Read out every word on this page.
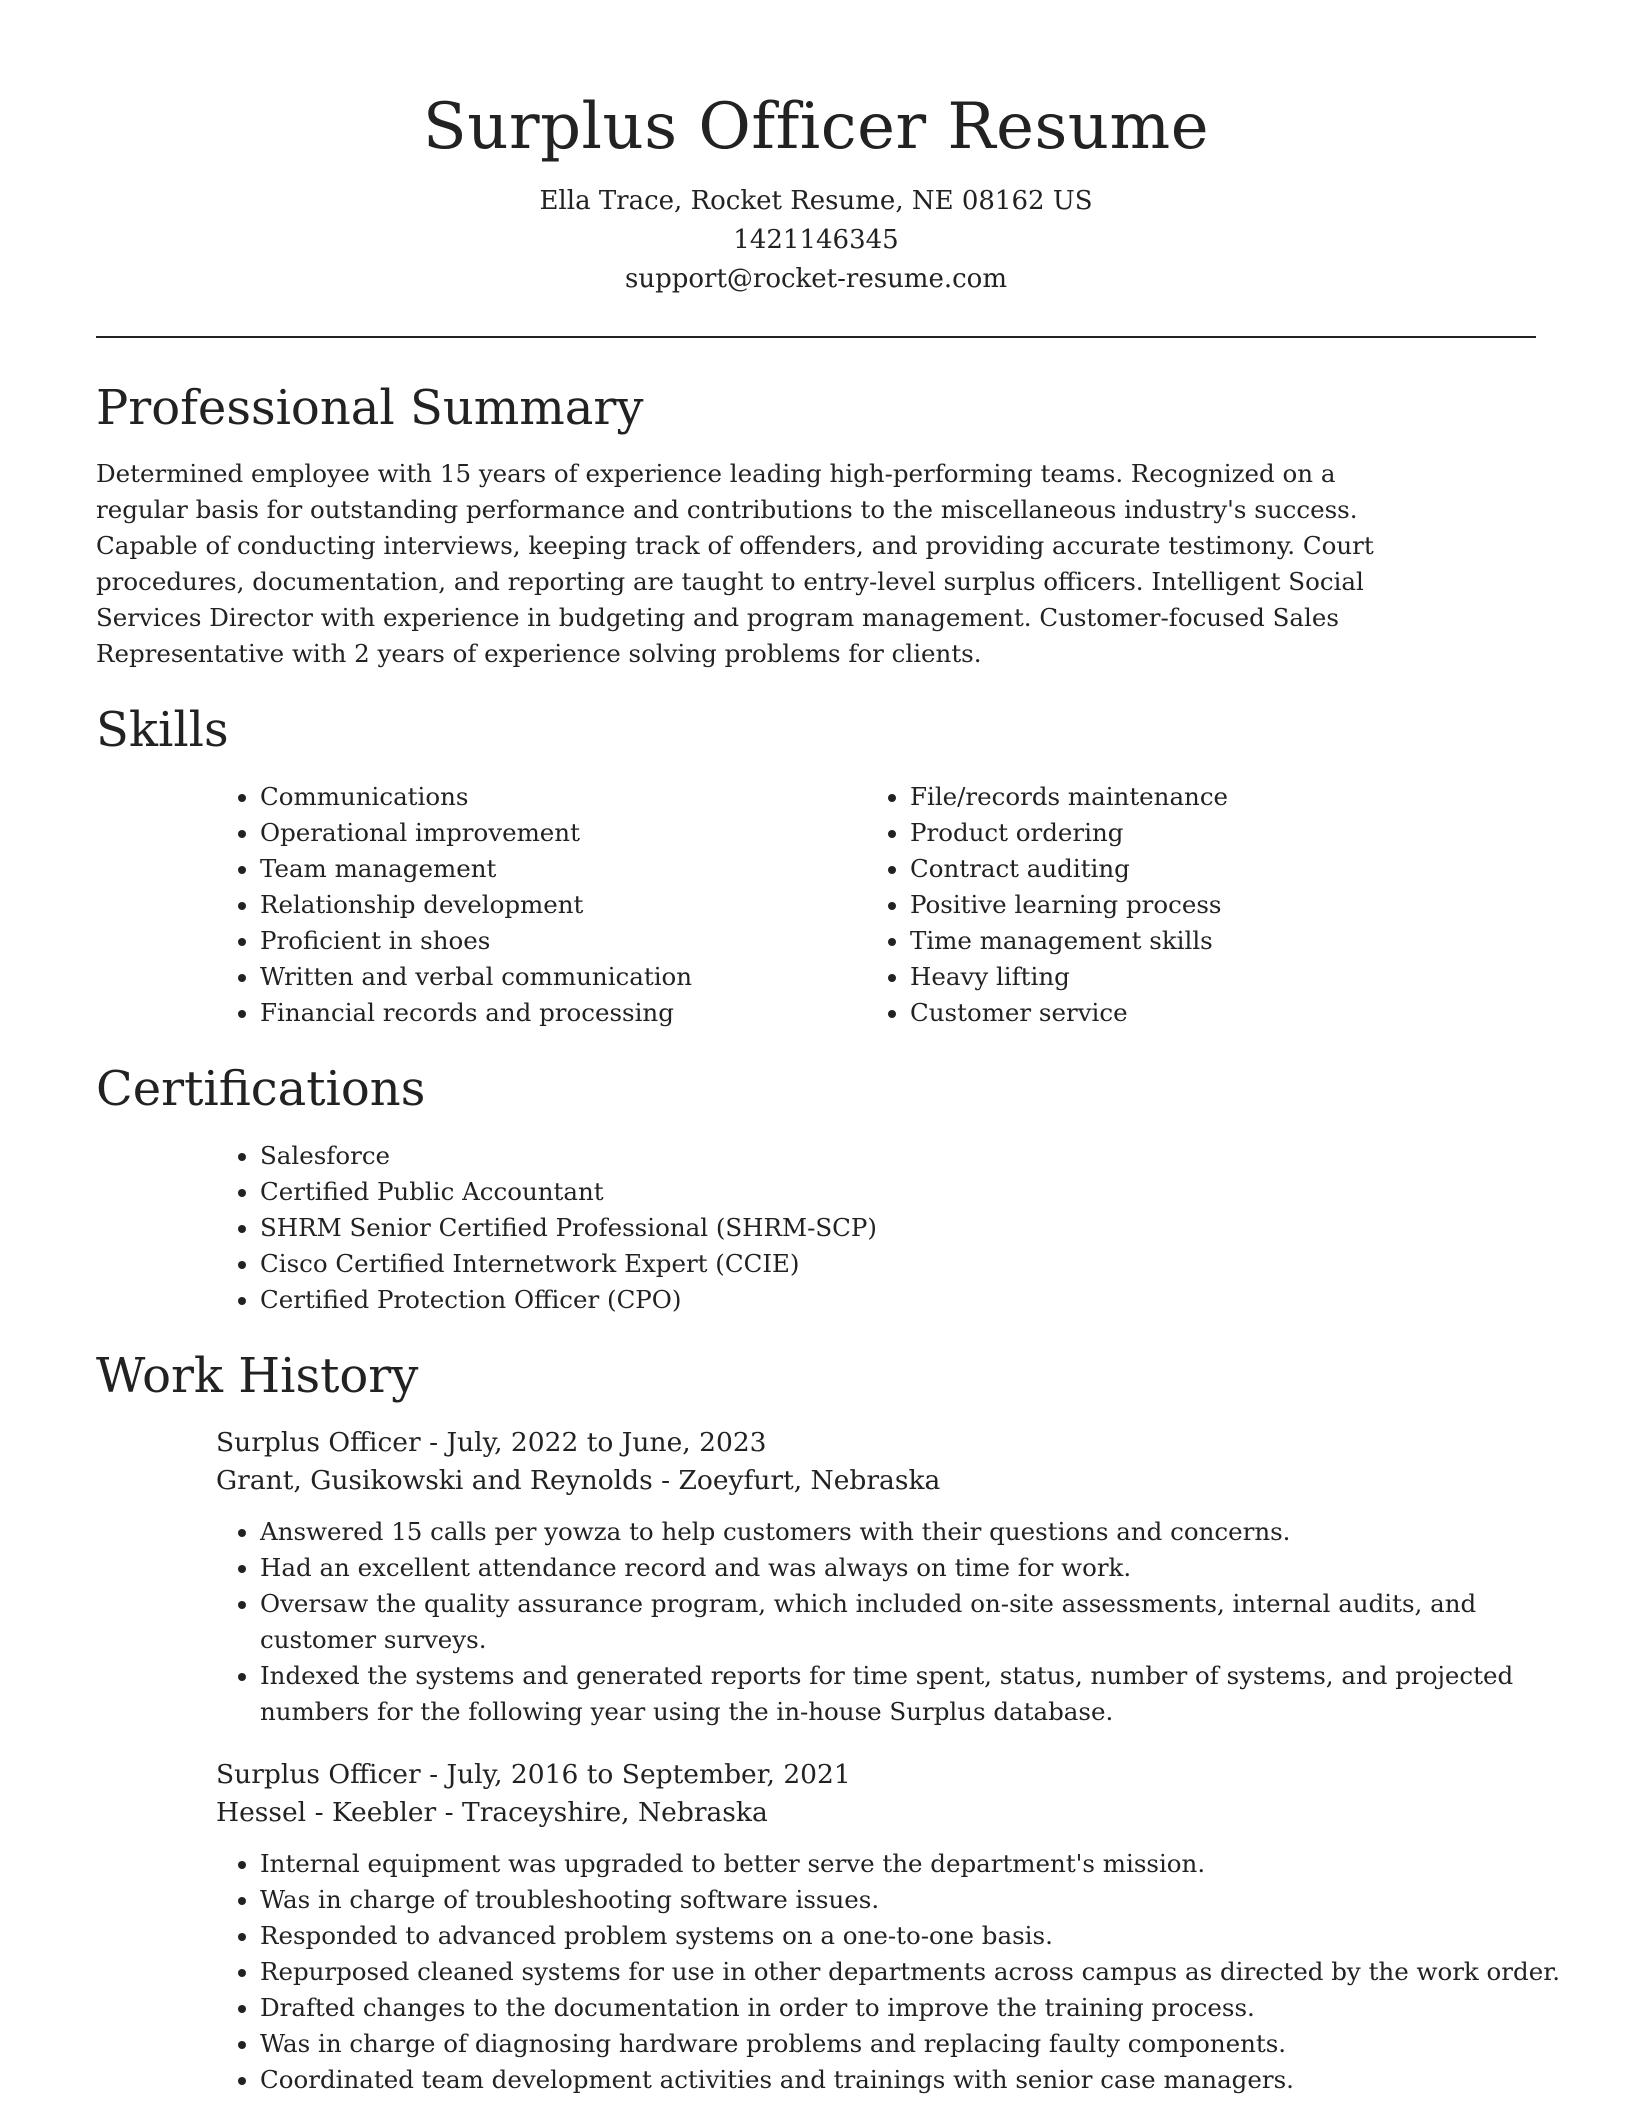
Surplus Officer Resume

Ella Trace, Rocket Resume, NE 08162 US

1421146345

support@rocket-resume.com

Professional Summary

Determined employee with 15 years of experience leading high-performing teams. Recognized on a regular basis for outstanding performance and contributions to the miscellaneous industry's success. Capable of conducting interviews, keeping track of offenders, and providing accurate testimony. Court procedures, documentation, and reporting are taught to entry-level surplus officers. Intelligent Social Services Director with experience in budgeting and program management. Customer-focused Sales Representative with 2 years of experience solving problems for clients.

Skills
• Communications
• Operational improvement
• Team management
• Relationship development
• Proficient in shoes
• Written and verbal communication
• Financial records and processing
• File/records maintenance
• Product ordering
• Contract auditing
• Positive learning process
• Time management skills
• Heavy lifting
• Customer service
Certifications
• Salesforce
• Certified Public Accountant
• SHRM Senior Certified Professional (SHRM-SCP)
• Cisco Certified Internetwork Expert (CCIE)
• Certified Protection Officer (CPO)
Work History

Surplus Officer - July, 2022 to June, 2023

Grant, Gusikowski and Reynolds - Zoeyfurt, Nebraska

• Answered 15 calls per yowza to help customers with their questions and concerns.
• Had an excellent attendance record and was always on time for work.
• Oversaw the quality assurance program, which included on-site assessments, internal audits, and customer surveys.
• Indexed the systems and generated reports for time spent, status, number of systems, and projected numbers for the following year using the in-house Surplus database.

Surplus Officer - July, 2016 to September, 2021

Hessel - Keebler - Traceyshire, Nebraska

• Internal equipment was upgraded to better serve the department's mission.
• Was in charge of troubleshooting software issues.
• Responded to advanced problem systems on a one-to-one basis.
• Repurposed cleaned systems for use in other departments across campus as directed by the work order.
• Drafted changes to the documentation in order to improve the training process.
• Was in charge of diagnosing hardware problems and replacing faulty components.
• Coordinated team development activities and trainings with senior case managers.
